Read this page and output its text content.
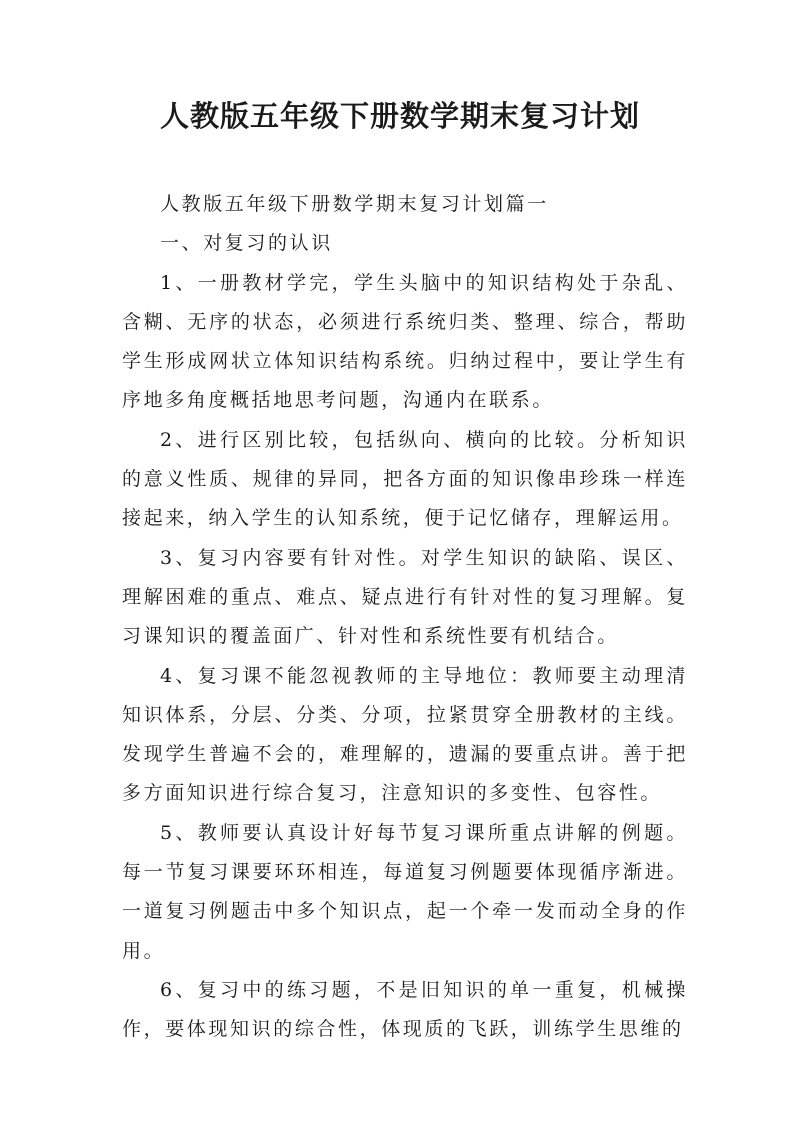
人教版五年级下册数学期末复习计划

人教版五年级下册数学期末复习计划篇一

一、对复习的认识

1、一册教材学完，学生头脑中的知识结构处于杂乱、含糊、无序的状态，必须进行系统归类、整理、综合，帮助学生形成网状立体知识结构系统。归纳过程中，要让学生有序地多角度概括地思考问题，沟通内在联系。

2、进行区别比较，包括纵向、横向的比较。分析知识的意义性质、规律的异同，把各方面的知识像串珍珠一样连接起来，纳入学生的认知系统，便于记忆储存，理解运用。

3、复习内容要有针对性。对学生知识的缺陷、误区、理解困难的重点、难点、疑点进行有针对性的复习理解。复习课知识的覆盖面广、针对性和系统性要有机结合。

4、复习课不能忽视教师的主导地位：教师要主动理清知识体系，分层、分类、分项，拉紧贯穿全册教材的主线。发现学生普遍不会的，难理解的，遗漏的要重点讲。善于把多方面知识进行综合复习，注意知识的多变性、包容性。

5、教师要认真设计好每节复习课所重点讲解的例题。每一节复习课要环环相连，每道复习例题要体现循序渐进。一道复习例题击中多个知识点，起一个牵一发而动全身的作用。

6、复习中的练习题，不是旧知识的单一重复，机械操作，要体现知识的综合性，体现质的飞跃，训练学生思维的
